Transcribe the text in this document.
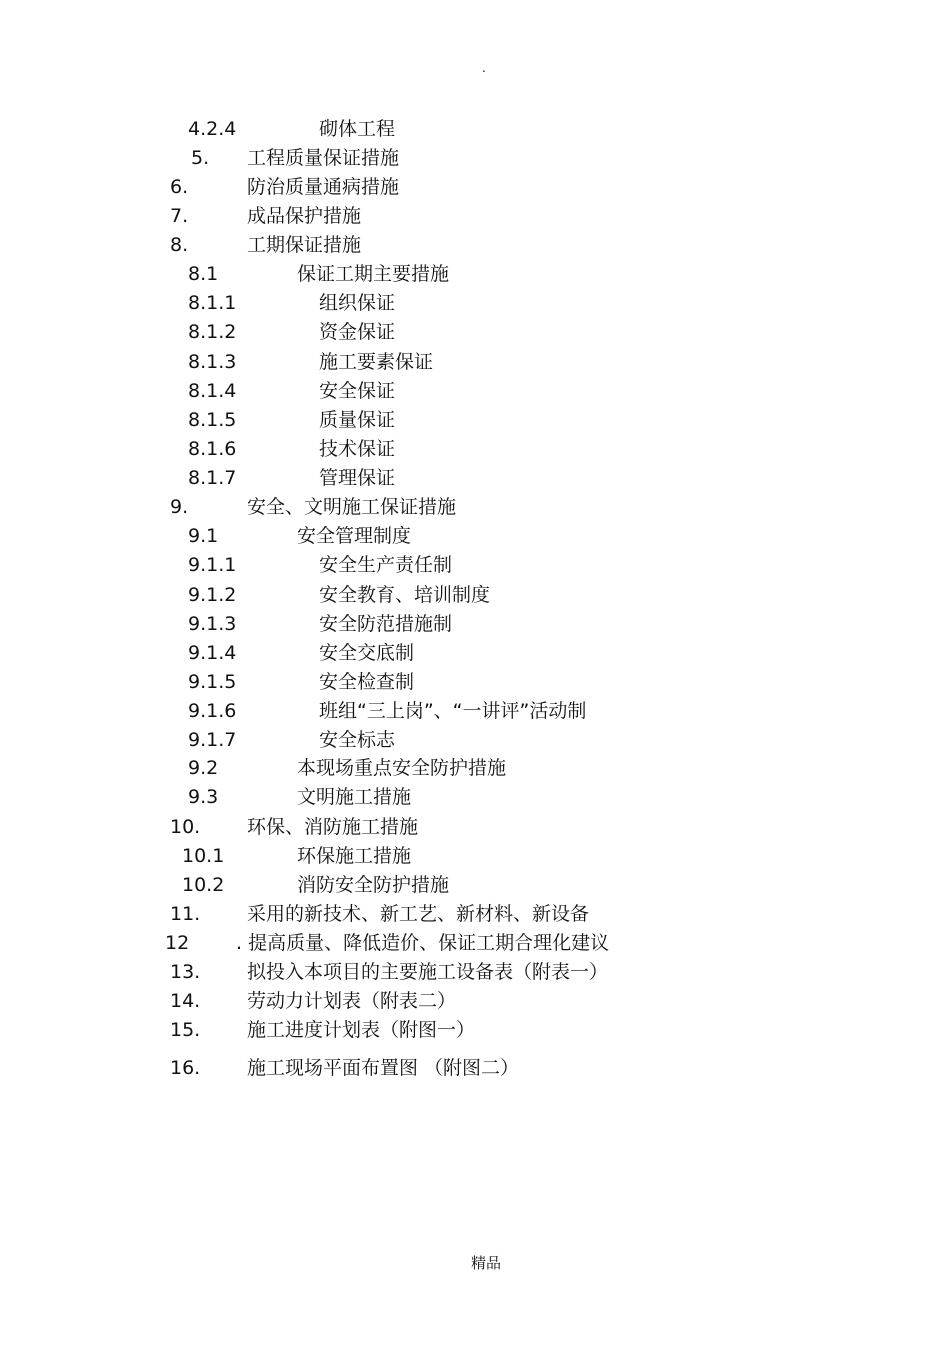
.
4.2.4	砌体工程
5. 工程质量保证措施
6.	防治质量通病措施
7.	成品保护措施
8.	工期保证措施
8.1	保证工期主要措施
8.1.1	组织保证
8.1.2	资金保证
8.1.3	施工要素保证
8.1.4	安全保证
8.1.5	质量保证
8.1.6	技术保证
8.1.7	管理保证
9.	安全、文明施工保证措施
9.1	安全管理制度
9.1.1	安全生产责任制
9.1.2	安全教育、培训制度
9.1.3	安全防范措施制
9.1.4	安全交底制
9.1.5	安全检查制
9.1.6	班组“三上岗”、“一讲评”活动制
9.1.7	安全标志
9.2	本现场重点安全防护措施
9.3	文明施工措施
10. 环保、消防施工措施
10.1	环保施工措施
10.2	消防安全防护措施
11. 采用的新技术、新工艺、新材料、新设备
12 . 提高质量、降低造价、保证工期合理化建议
13. 拟投入本项目的主要施工设备表（附表一）
14. 劳动力计划表（附表二）
15. 施工进度计划表（附图一）
16. 施工现场平面布置图 （附图二）
精品
